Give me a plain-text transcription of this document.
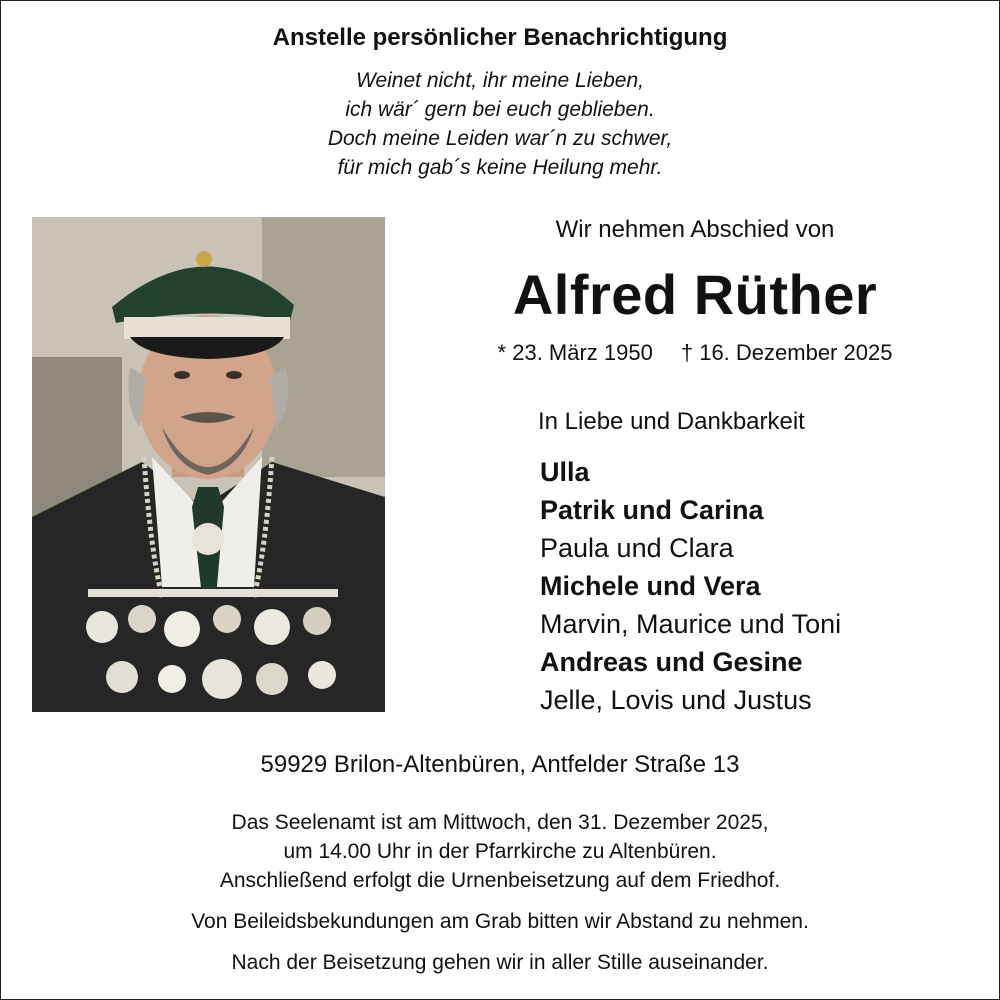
Anstelle persönlicher Benachrichtigung
Weinet nicht, ihr meine Lieben,
ich wär´ gern bei euch geblieben.
Doch meine Leiden war´n zu schwer,
für mich gab´s keine Heilung mehr.
Wir nehmen Abschied von
Alfred Rüther
* 23. März 1950 † 16. Dezember 2025
In Liebe und Dankbarkeit
Ulla
Patrik und Carina
Paula und Clara
Michele und Vera
Marvin, Maurice und Toni
Andreas und Gesine
Jelle, Lovis und Justus
59929 Brilon-Altenbüren, Antfelder Straße 13
Das Seelenamt ist am Mittwoch, den 31. Dezember 2025,
um 14.00 Uhr in der Pfarrkirche zu Altenbüren.
Anschließend erfolgt die Urnenbeisetzung auf dem Friedhof.
Von Beileidsbekundungen am Grab bitten wir Abstand zu nehmen.
Nach der Beisetzung gehen wir in aller Stille auseinander.
